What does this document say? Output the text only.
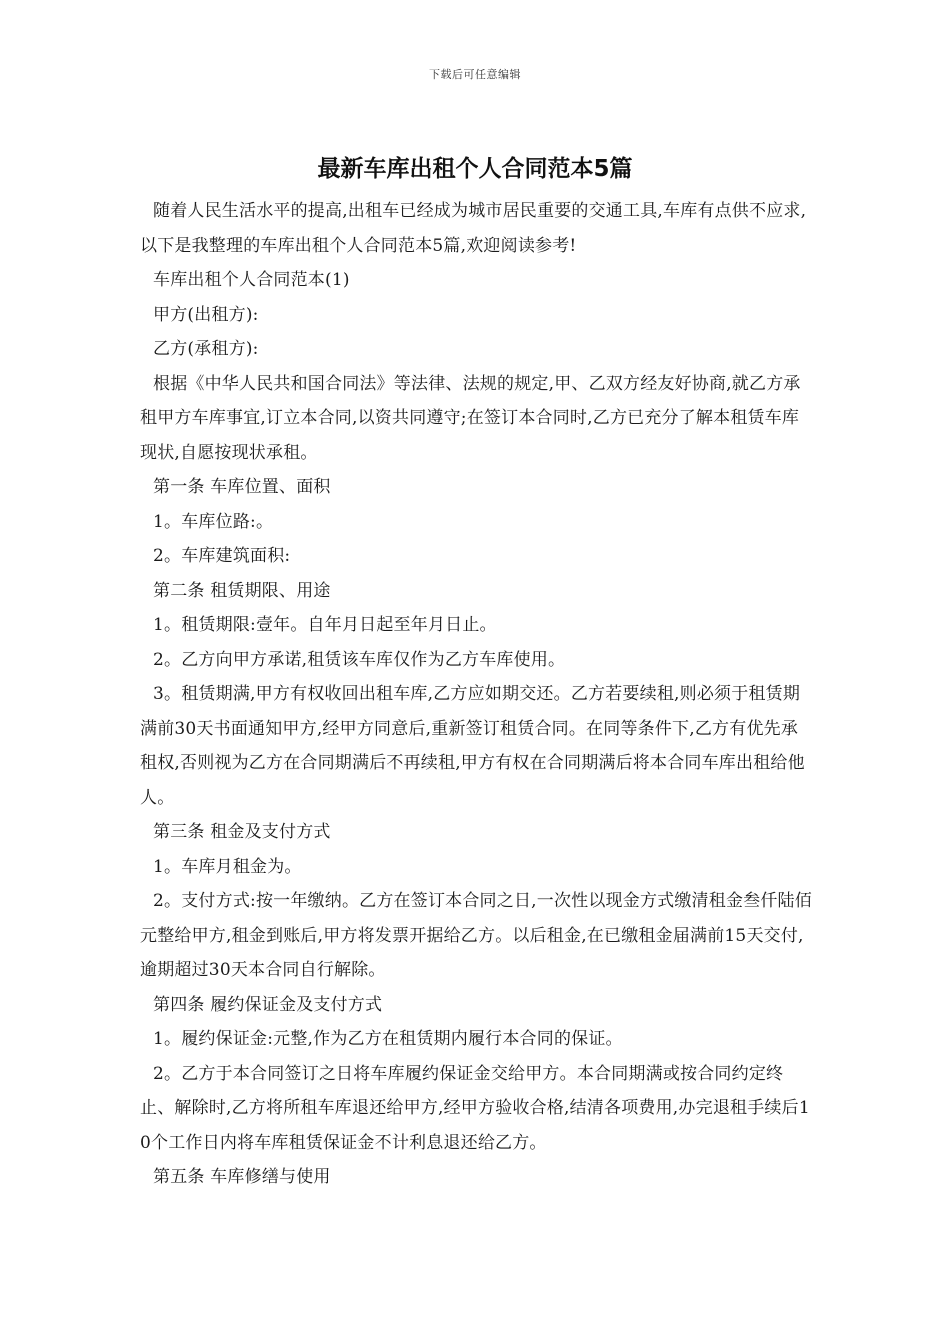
下载后可任意编辑
最新车库出租个人合同范本5篇

随着人民生活水平的提高,出租车已经成为城市居民重要的交通工具,车库有点供不应求,以下是我整理的车库出租个人合同范本5篇,欢迎阅读参考!

车库出租个人合同范本(1)

甲方(出租方):

乙方(承租方):

根据《中华人民共和国合同法》等法律、法规的规定,甲、乙双方经友好协商,就乙方承租甲方车库事宜,订立本合同,以资共同遵守;在签订本合同时,乙方已充分了解本租赁车库现状,自愿按现状承租。

第一条 车库位置、面积

1。车库位路:。

2。车库建筑面积:

第二条 租赁期限、用途

1。租赁期限:壹年。自年月日起至年月日止。

2。乙方向甲方承诺,租赁该车库仅作为乙方车库使用。

3。租赁期满,甲方有权收回出租车库,乙方应如期交还。乙方若要续租,则必须于租赁期满前30天书面通知甲方,经甲方同意后,重新签订租赁合同。在同等条件下,乙方有优先承租权,否则视为乙方在合同期满后不再续租,甲方有权在合同期满后将本合同车库出租给他人。

第三条 租金及支付方式

1。车库月租金为。

2。支付方式:按一年缴纳。乙方在签订本合同之日,一次性以现金方式缴清租金叁仟陆佰元整给甲方,租金到账后,甲方将发票开据给乙方。以后租金,在已缴租金届满前15天交付,逾期超过30天本合同自行解除。

第四条 履约保证金及支付方式

1。履约保证金:元整,作为乙方在租赁期内履行本合同的保证。

2。乙方于本合同签订之日将车库履约保证金交给甲方。本合同期满或按合同约定终止、解除时,乙方将所租车库退还给甲方,经甲方验收合格,结清各项费用,办完退租手续后10个工作日内将车库租赁保证金不计利息退还给乙方。

第五条 车库修缮与使用
